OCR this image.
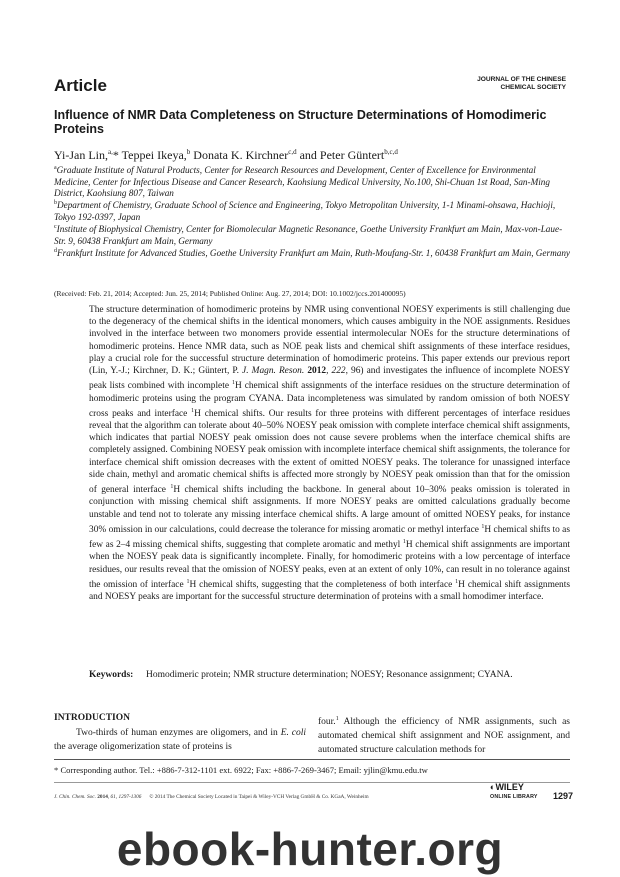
Article	JOURNAL OF THE CHINESE
CHEMICAL SOCIETY
Influence of NMR Data Completeness on Structure Determinations of Homodimeric Proteins
Yi-Jan Lin,$^{a,}$* Teppei Ikeya,$^b$ Donata K. Kirchner$^{c,d}$ and Peter Güntert$^{b,c,d}$
$^a$Graduate Institute of Natural Products, Center for Research Resources and Development, Center of Excellence for Environmental Medicine, Center for Infectious Disease and Cancer Research, Kaohsiung Medical University, No.100, Shi-Chuan 1st Road, San-Ming District, Kaohsiung 807, Taiwan
$^b$Department of Chemistry, Graduate School of Science and Engineering, Tokyo Metropolitan University, 1-1 Minami-ohsawa, Hachioji, Tokyo 192-0397, Japan
$^c$Institute of Biophysical Chemistry, Center for Biomolecular Magnetic Resonance, Goethe University Frankfurt am Main, Max-von-Laue-Str. 9, 60438 Frankfurt am Main, Germany
$^d$Frankfurt Institute for Advanced Studies, Goethe University Frankfurt am Main, Ruth-Moufang-Str. 1, 60438 Frankfurt am Main, Germany
(Received: Feb. 21, 2014; Accepted: Jun. 25, 2014; Published Online: Aug. 27, 2014; DOI: 10.1002/jccs.201400095)
The structure determination of homodimeric proteins by NMR using conventional NOESY experiments is still challenging due to the degeneracy of the chemical shifts in the identical monomers, which causes ambiguity in the NOE assignments. Residues involved in the interface between two monomers provide essential intermolecular NOEs for the structure determinations of homodimeric proteins. Hence NMR data, such as NOE peak lists and chemical shift assignments of these interface residues, play a crucial role for the successful structure determination of homodimeric proteins. This paper extends our previous report (Lin, Y.-J.; Kirchner, D. K.; Güntert, P. J. Magn. Reson. 2012, 222, 96) and investigates the influence of incomplete NOESY peak lists combined with incomplete $^1$H chemical shift assignments of the interface residues on the structure determination of homodimeric proteins using the program CYANA. Data incompleteness was simulated by random omission of both NOESY cross peaks and interface $^1$H chemical shifts. Our results for three proteins with different percentages of interface residues reveal that the algorithm can tolerate about 40–50% NOESY peak omission with complete interface chemical shift assignments, which indicates that partial NOESY peak omission does not cause severe problems when the interface chemical shifts are completely assigned. Combining NOESY peak omission with incomplete interface chemical shift assignments, the tolerance for interface chemical shift omission decreases with the extent of omitted NOESY peaks. The tolerance for unassigned interface side chain, methyl and aromatic chemical shifts is affected more strongly by NOESY peak omission than that for the omission of general interface $^1$H chemical shifts including the backbone. In general about 10–30% peaks omission is tolerated in conjunction with missing chemical shift assignments. If more NOESY peaks are omitted calculations gradually become unstable and tend not to tolerate any missing interface chemical shifts. A large amount of omitted NOESY peaks, for instance 30% omission in our calculations, could decrease the tolerance for missing aromatic or methyl interface $^1$H chemical shifts to as few as 2–4 missing chemical shifts, suggesting that complete aromatic and methyl $^1$H chemical shift assignments are important when the NOESY peak data is significantly incomplete. Finally, for homodimeric proteins with a low percentage of interface residues, our results reveal that the omission of NOESY peaks, even at an extent of only 10%, can result in no tolerance against the omission of interface $^1$H chemical shifts, suggesting that the completeness of both interface $^1$H chemical shift assignments and NOESY peaks are important for the successful structure determination of proteins with a small homodimer interface.
Keywords:	Homodimeric protein; NMR structure determination; NOESY; Resonance assignment; CYANA.
INTRODUCTION
Two-thirds of human enzymes are oligomers, and in E. coli the average oligomerization state of proteins is
four.$^1$ Although the efficiency of NMR assignments, such as automated chemical shift assignment and NOE assignment, and automated structure calculation methods for
* Corresponding author. Tel.: +886-7-312-1101 ext. 6922; Fax: +886-7-269-3467; Email: yjlin@kmu.edu.tw
J. Chin. Chem. Soc. 2014, 61, 1297-1306 © 2014 The Chemical Society Located in Taipei & Wiley-VCH Verlag GmbH & Co. KGaA, Weinheim
◐WILEY
ONLINE LIBRARY	1297
ebook-hunter.org
